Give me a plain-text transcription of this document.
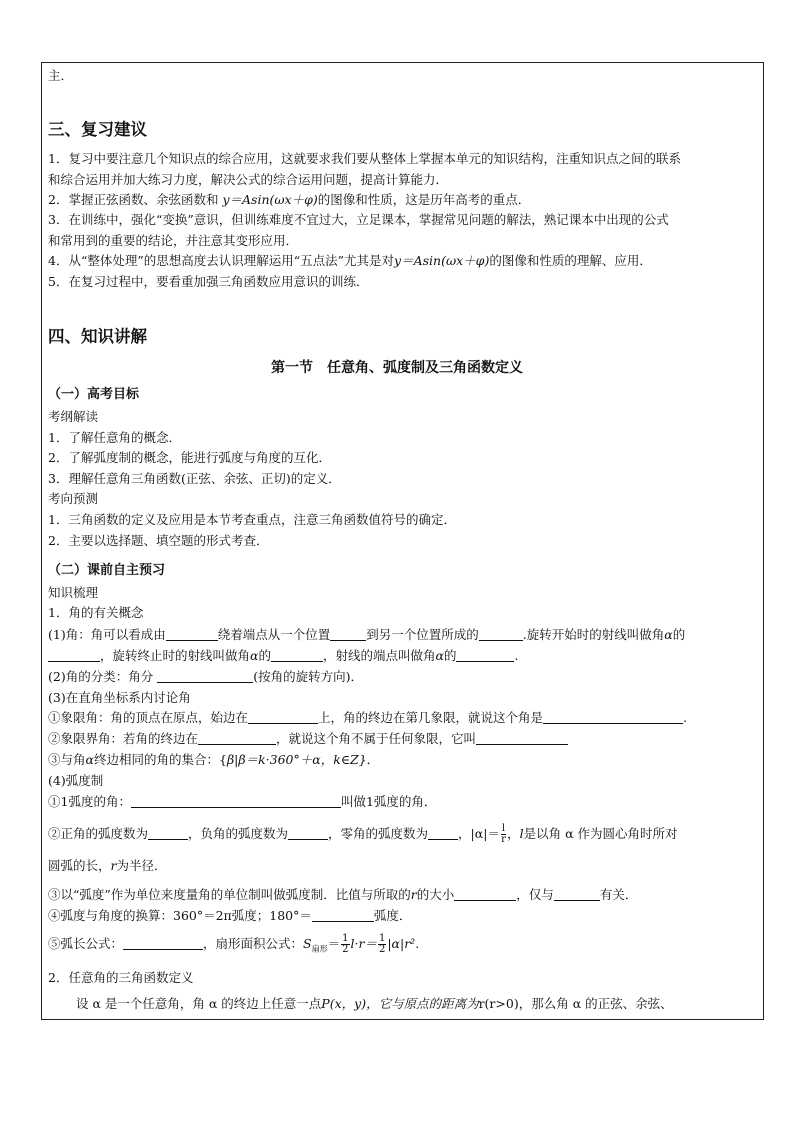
主．
三、复习建议
1．复习中要注意几个知识点的综合应用，这就要求我们要从整体上掌握本单元的知识结构，注重知识点之间的联系
和综合运用并加大练习力度，解决公式的综合运用问题，提高计算能力．
2．掌握正弦函数、余弦函数和 y＝Asin(ωx＋φ)的图像和性质，这是历年高考的重点．
3．在训练中，强化“变换”意识，但训练难度不宜过大，立足课本，掌握常见问题的解法，熟记课本中出现的公式
和常用到的重要的结论，并注意其变形应用．
4．从“整体处理”的思想高度去认识理解运用“五点法”尤其是对y＝Asin(ωx＋φ)的图像和性质的理解、应用．
5．在复习过程中，要看重加强三角函数应用意识的训练．
四、知识讲解
第一节　任意角、弧度制及三角函数定义
（一）高考目标
考纲解读
1．了解任意角的概念．
2．了解弧度制的概念，能进行弧度与角度的互化．
3．理解任意角三角函数(正弦、余弦、正切)的定义．
考向预测
1．三角函数的定义及应用是本节考查重点，注意三角函数值符号的确定．
2．主要以选择题、填空题的形式考查．
（二）课前自主预习
知识梳理
1．角的有关概念
(1)角：角可以看成由	绕着端点从一个位置	到另一个位置所成的	.旋转开始时的射线叫做角α的
，旋转终止时的射线叫做角α的	，射线的端点叫做角α的	.
(2)角的分类：角分	(按角的旋转方向)．
(3)在直角坐标系内讨论角
①象限角：角的顶点在原点，始边在	上，角的终边在第几象限，就说这个角是	.
②象限界角：若角的终边在	，就说这个角不属于任何象限，它叫
③与角α终边相同的角的集合：{β|β＝k·360°＋α，k∈Z}．
(4)弧度制
①1弧度的角：	叫做1弧度的角．
②正角的弧度数为	，负角的弧度数为	，零角的弧度数为 ，$|\alpha|= \frac{l}{r}$ ，l是以角 α 作为圆心角时所对
圆弧的长，r为半径．
③以“弧度”作为单位来度量角的单位制叫做弧度制．比值与所取的r的大小	，仅与	有关．
④弧度与角度的换算：360°＝2π弧度；180°＝	弧度．
⑤弧长公式：	，扇形面积公式：$S_{扇形}= \frac{1}{2} l\cdot r= \frac{1}{2} |\alpha|r^2$.
2．任意角的三角函数定义
设 α 是一个任意角，角 α 的终边上任意一点P(x，y)，它与原点的距离为r(r>0)，那么角 α 的正弦、余弦、
